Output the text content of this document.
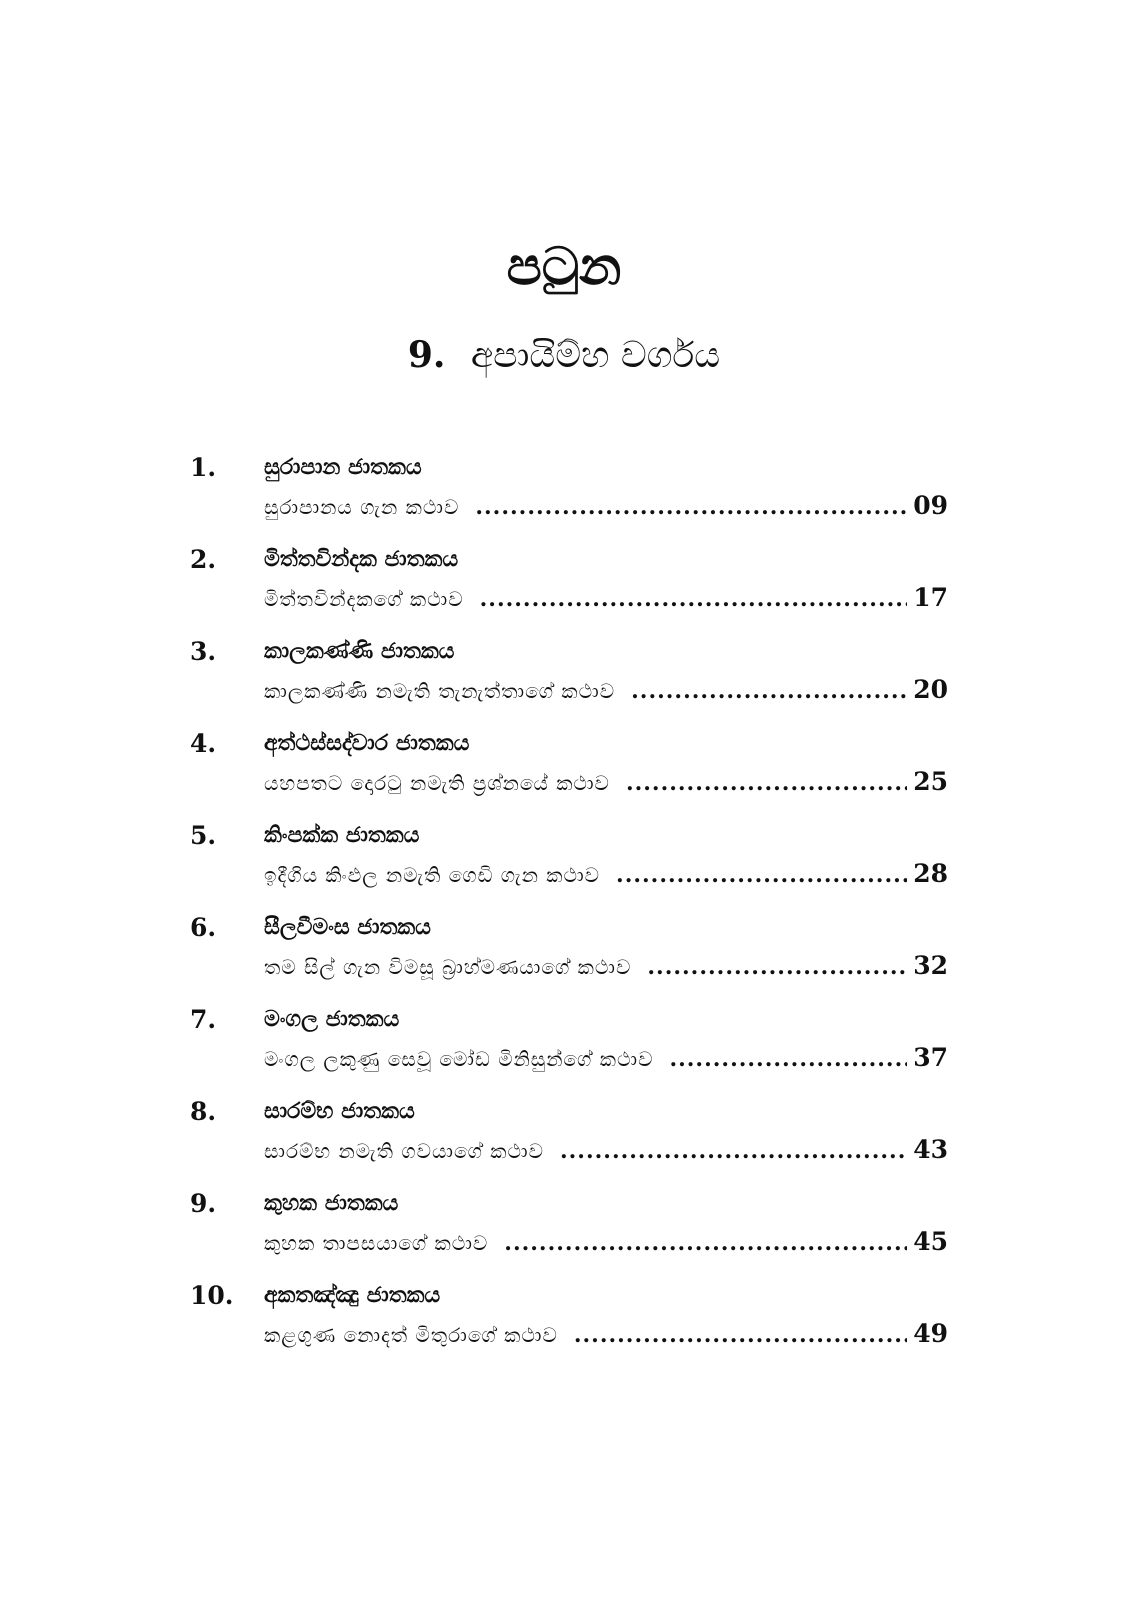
පටුන
9. අපායිම්හ වර්ගය
1. සුරාපාන ජාතකය
සුරාපානය ගැන කථාව .....	09
2. මිත්තවින්දක ජාතකය
මිත්තවින්දකගේ කථාව .....	17
3. කාලකණ්ණි ජාතකය
කාලකණ්ණි නමැති තැනැත්තාගේ කථාව .....	20
4. අත්ථස්සද්වාර ජාතකය
යහපතට දොරටු නමැති ප්‍රශ්නයේ කථාව .....	25
5. කිංපක්ක ජාතකය
ඉදීගිය කිංඵල නමැති ගෙඩි ගැන කථාව .....	28
6. සීලවීමංස ජාතකය
තම සිල් ගැන විමසූ බ්‍රාහ්මණයාගේ කථාව .....	32
7. මංගල ජාතකය
මංගල ලකුණු සෙවූ මෝඩ මිනිසුන්ගේ කථාව .....	37
8. සාරම්භ ජාතකය
සාරම්භ නමැති ගවයාගේ කථාව .....	43
9. කුහක ජාතකය
කුහක තාපසයාගේ කථාව .....	45
10. අකතඤ්ඤු ජාතකය
කළගුණ නොදත් මිතුරාගේ කථාව .....	49
